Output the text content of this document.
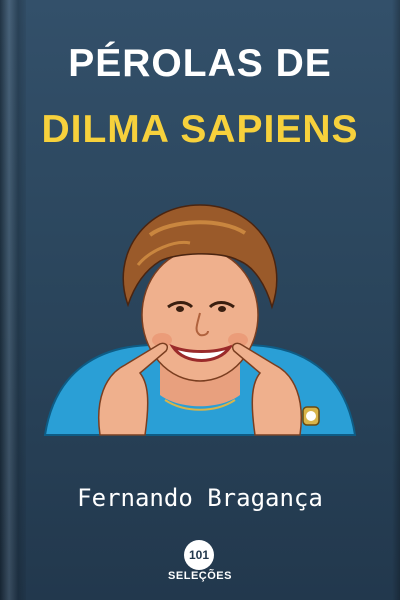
PÉROLAS DE
DILMA SAPIENS
Fernando Bragança
101
SELEÇÕES
